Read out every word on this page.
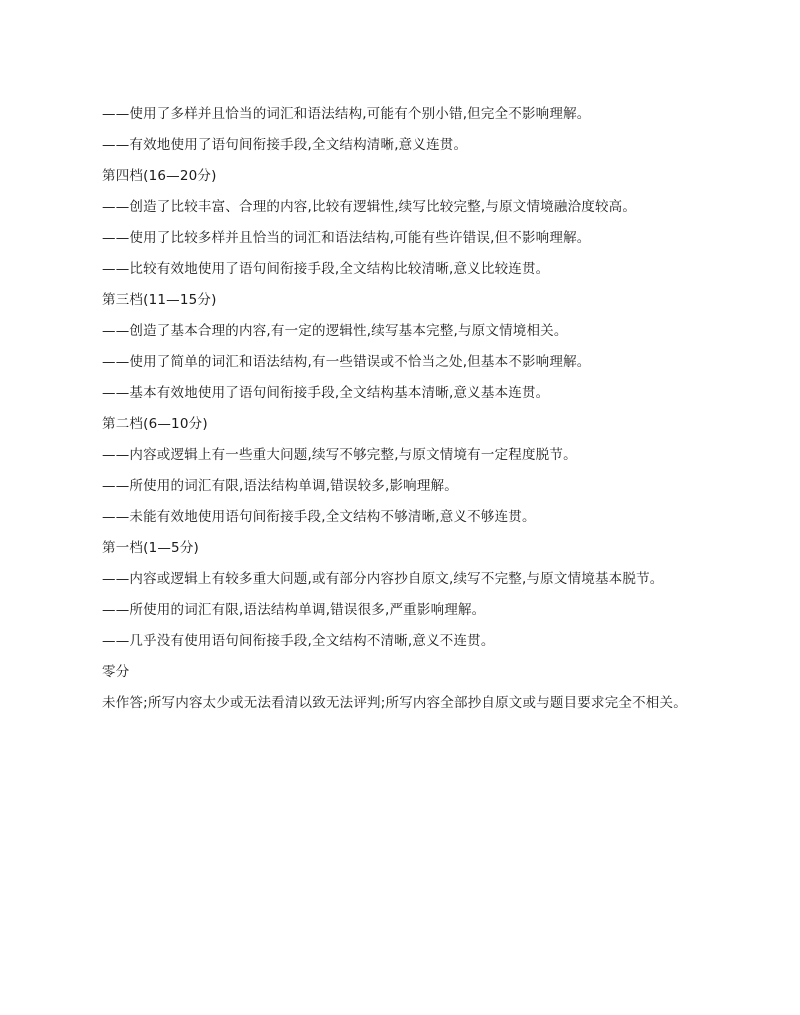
——使用了多样并且恰当的词汇和语法结构,可能有个别小错,但完全不影响理解。
——有效地使用了语句间衔接手段,全文结构清晰,意义连贯。
第四档(16—20分)
——创造了比较丰富、合理的内容,比较有逻辑性,续写比较完整,与原文情境融洽度较高。
——使用了比较多样并且恰当的词汇和语法结构,可能有些许错误,但不影响理解。
——比较有效地使用了语句间衔接手段,全文结构比较清晰,意义比较连贯。
第三档(11—15分)
——创造了基本合理的内容,有一定的逻辑性,续写基本完整,与原文情境相关。
——使用了简单的词汇和语法结构,有一些错误或不恰当之处,但基本不影响理解。
——基本有效地使用了语句间衔接手段,全文结构基本清晰,意义基本连贯。
第二档(6—10分)
——内容或逻辑上有一些重大问题,续写不够完整,与原文情境有一定程度脱节。
——所使用的词汇有限,语法结构单调,错误较多,影响理解。
——未能有效地使用语句间衔接手段,全文结构不够清晰,意义不够连贯。
第一档(1—5分)
——内容或逻辑上有较多重大问题,或有部分内容抄自原文,续写不完整,与原文情境基本脱节。
——所使用的词汇有限,语法结构单调,错误很多,严重影响理解。
——几乎没有使用语句间衔接手段,全文结构不清晰,意义不连贯。
零分
未作答;所写内容太少或无法看清以致无法评判;所写内容全部抄自原文或与题目要求完全不相关。
